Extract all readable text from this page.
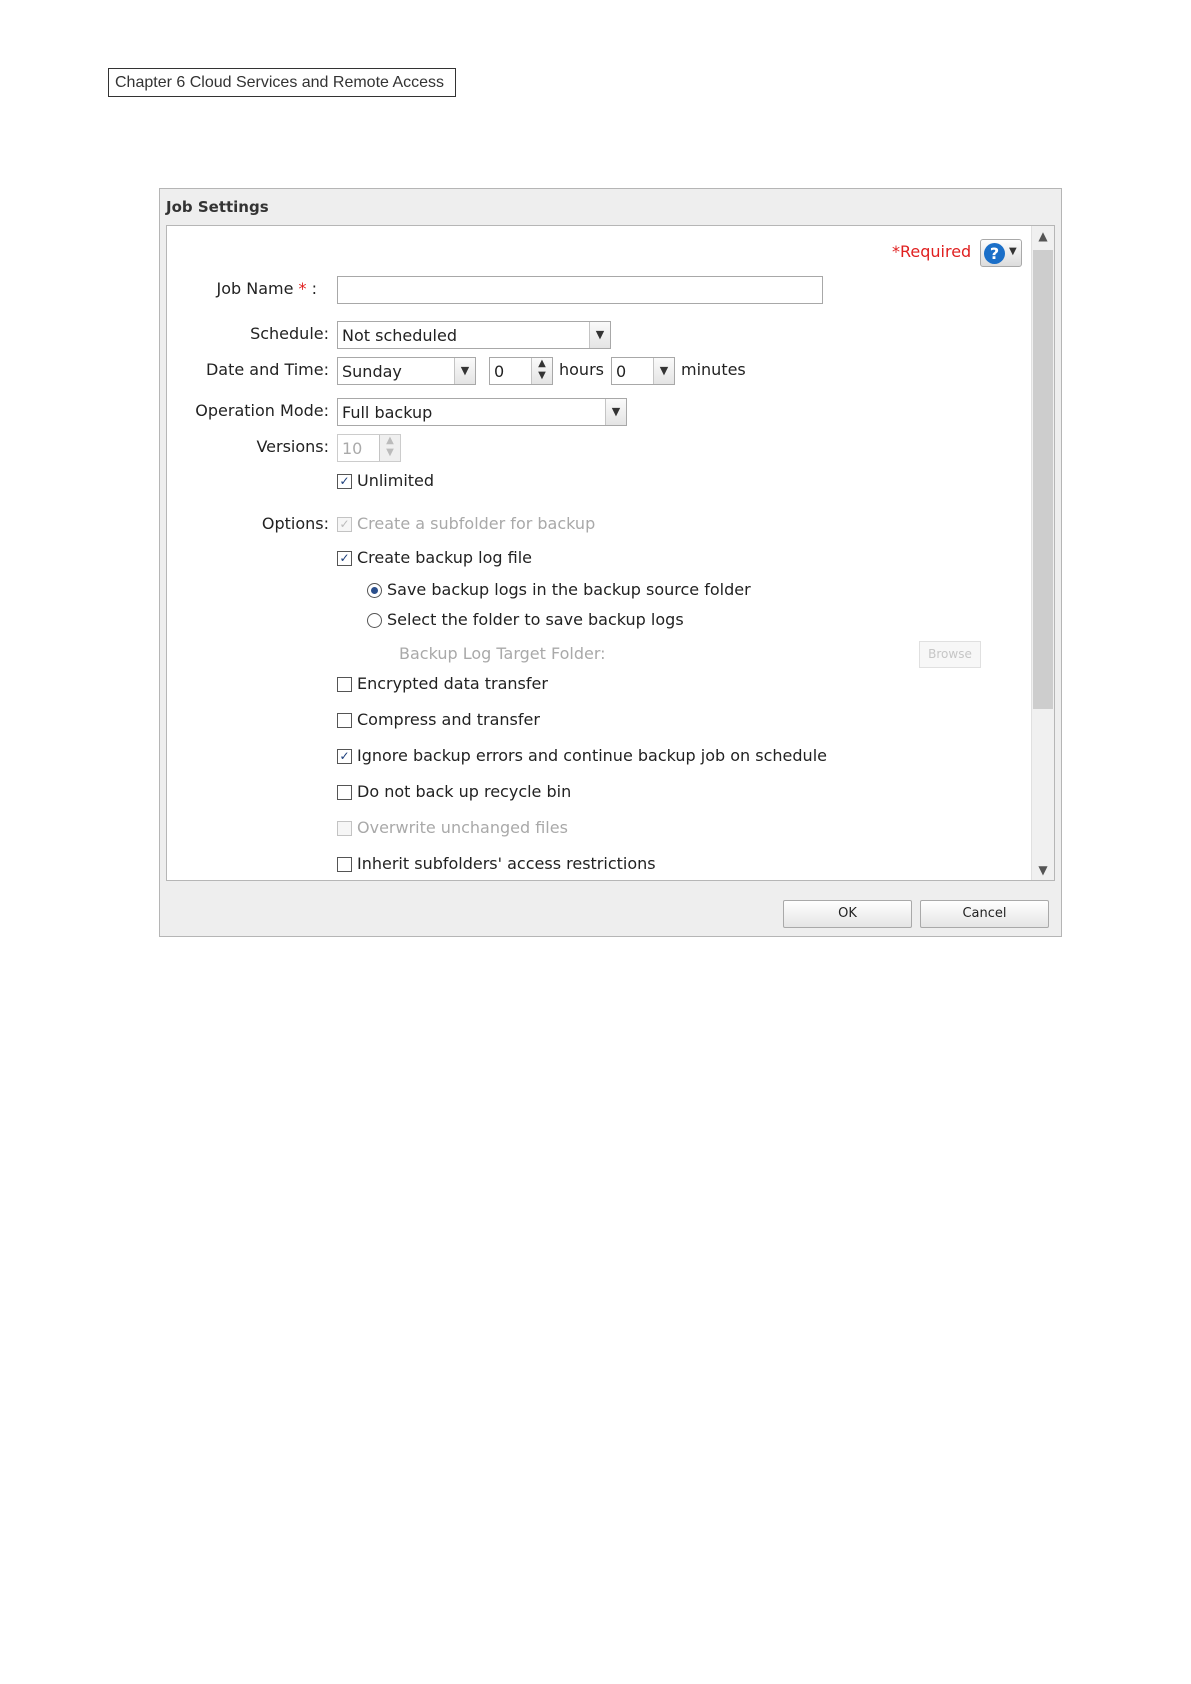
Chapter 6 Cloud Services and Remote Access
Job Settings
*Required	? ▼
Job Name * :
Schedule: Not scheduled	▼
Date and Time: Sunday	▼	0	▲
▼ hours 0	▼ minutes
Operation Mode: Full backup	▼
Versions: 10	▲
▼
✓ Unlimited
Options: ✓ Create a subfolder for backup
✓ Create backup log file
Save backup logs in the backup source folder
Select the folder to save backup logs
Backup Log Target Folder:	Browse
Encrypted data transfer
Compress and transfer
✓ Ignore backup errors and continue backup job on schedule
Do not back up recycle bin
Overwrite unchanged files
Inherit subfolders' access restrictions
▲
▼
OK	Cancel
